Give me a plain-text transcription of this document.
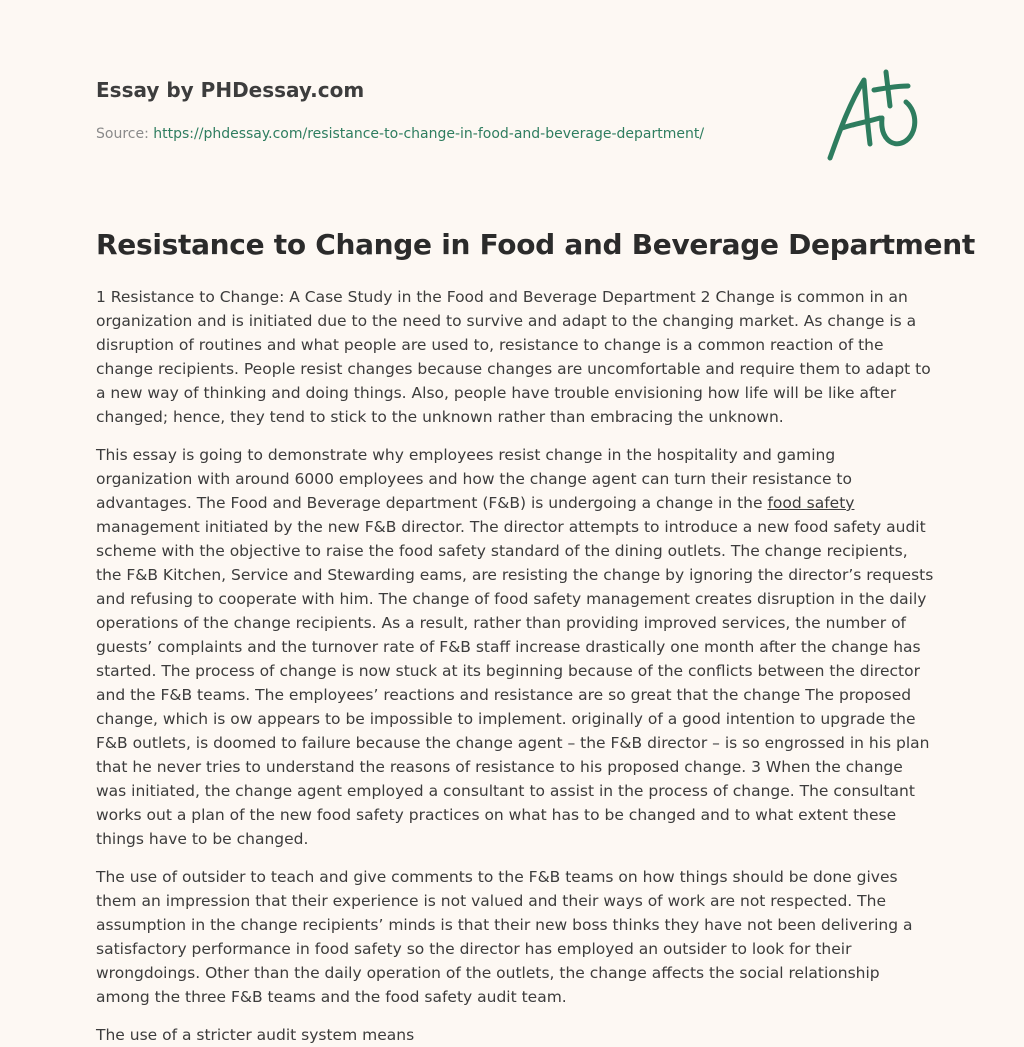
Essay by PHDessay.com
Source: https://phdessay.com/resistance-to-change-in-food-and-beverage-department/
Resistance to Change in Food and Beverage Department

1 Resistance to Change: A Case Study in the Food and Beverage Department 2 Change is common in an organization and is initiated due to the need to survive and adapt to the changing market. As change is a disruption of routines and what people are used to, resistance to change is a common reaction of the change recipients. People resist changes because changes are uncomfortable and require them to adapt to a new way of thinking and doing things. Also, people have trouble envisioning how life will be like after changed; hence, they tend to stick to the unknown rather than embracing the unknown.

This essay is going to demonstrate why employees resist change in the hospitality and gaming organization with around 6000 employees and how the change agent can turn their resistance to advantages. The Food and Beverage department (F&B) is undergoing a change in the food safety management initiated by the new F&B director. The director attempts to introduce a new food safety audit scheme with the objective to raise the food safety standard of the dining outlets. The change recipients, the F&B Kitchen, Service and Stewarding eams, are resisting the change by ignoring the director’s requests and refusing to cooperate with him. The change of food safety management creates disruption in the daily operations of the change recipients. As a result, rather than providing improved services, the number of guests’ complaints and the turnover rate of F&B staff increase drastically one month after the change has started. The process of change is now stuck at its beginning because of the conflicts between the director and the F&B teams. The employees’ reactions and resistance are so great that the change The proposed change, which is ow appears to be impossible to implement. originally of a good intention to upgrade the F&B outlets, is doomed to failure because the change agent – the F&B director – is so engrossed in his plan that he never tries to understand the reasons of resistance to his proposed change. 3 When the change was initiated, the change agent employed a consultant to assist in the process of change. The consultant works out a plan of the new food safety practices on what has to be changed and to what extent these things have to be changed.

The use of outsider to teach and give comments to the F&B teams on how things should be done gives them an impression that their experience is not valued and their ways of work are not respected. The assumption in the change recipients’ minds is that their new boss thinks they have not been delivering a satisfactory performance in food safety so the director has employed an outsider to look for their wrongdoings. Other than the daily operation of the outlets, the change affects the social relationship among the three F&B teams and the food safety audit team.

The use of a stricter audit system means
